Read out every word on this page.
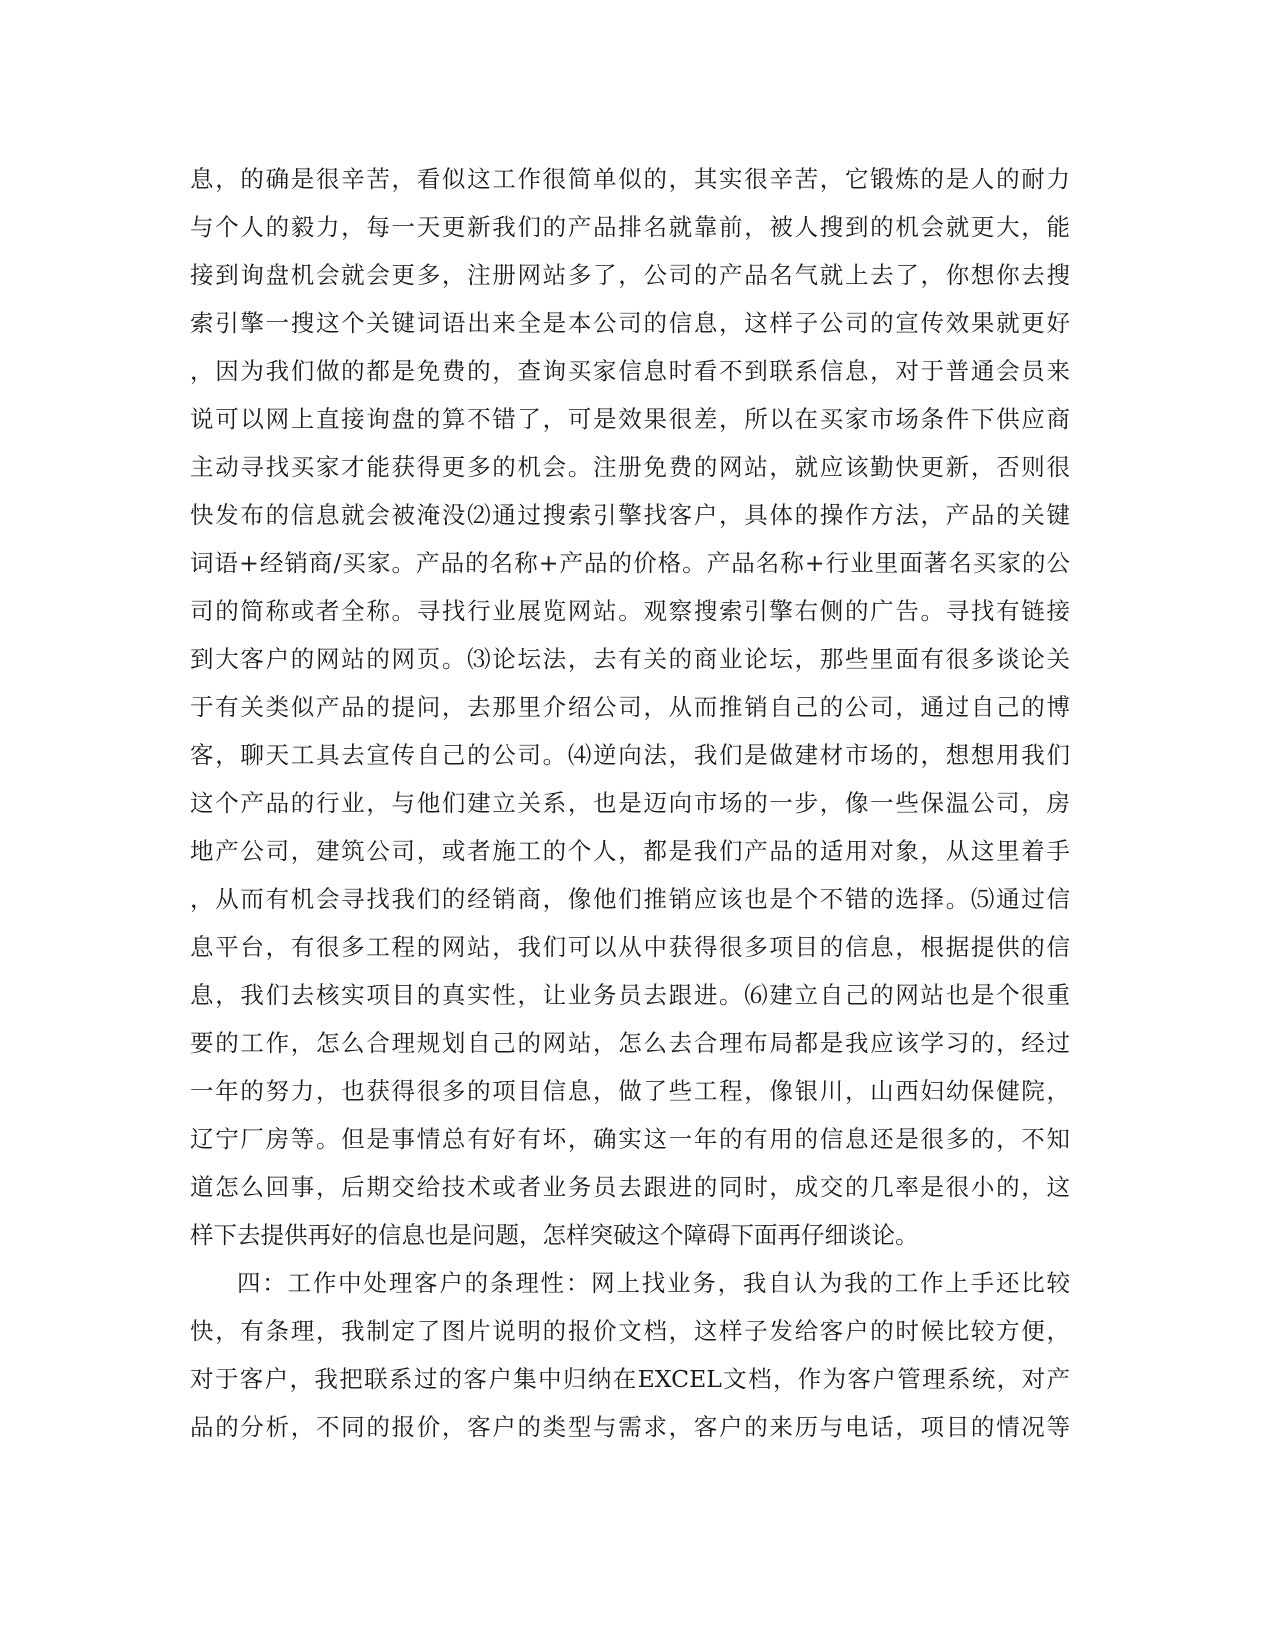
息，的确是很辛苦，看似这工作很简单似的，其实很辛苦，它锻炼的是人的耐力
与个人的毅力，每一天更新我们的产品排名就靠前，被人搜到的机会就更大，能
接到询盘机会就会更多，注册网站多了，公司的产品名气就上去了，你想你去搜
索引擎一搜这个关键词语出来全是本公司的信息，这样子公司的宣传效果就更好
，因为我们做的都是免费的，查询买家信息时看不到联系信息，对于普通会员来
说可以网上直接询盘的算不错了，可是效果很差，所以在买家市场条件下供应商
主动寻找买家才能获得更多的机会。注册免费的网站，就应该勤快更新，否则很
快发布的信息就会被淹没⑵通过搜索引擎找客户，具体的操作方法，产品的关键
词语+经销商/买家。产品的名称+产品的价格。产品名称+行业里面著名买家的公
司的简称或者全称。寻找行业展览网站。观察搜索引擎右侧的广告。寻找有链接
到大客户的网站的网页。⑶论坛法，去有关的商业论坛，那些里面有很多谈论关
于有关类似产品的提问，去那里介绍公司，从而推销自己的公司，通过自己的博
客，聊天工具去宣传自己的公司。⑷逆向法，我们是做建材市场的，想想用我们
这个产品的行业，与他们建立关系，也是迈向市场的一步，像一些保温公司，房
地产公司，建筑公司，或者施工的个人，都是我们产品的适用对象，从这里着手
，从而有机会寻找我们的经销商，像他们推销应该也是个不错的选择。⑸通过信
息平台，有很多工程的网站，我们可以从中获得很多项目的信息，根据提供的信
息，我们去核实项目的真实性，让业务员去跟进。⑹建立自己的网站也是个很重
要的工作，怎么合理规划自己的网站，怎么去合理布局都是我应该学习的，经过
一年的努力，也获得很多的项目信息，做了些工程，像银川，山西妇幼保健院，
辽宁厂房等。但是事情总有好有坏，确实这一年的有用的信息还是很多的，不知
道怎么回事，后期交给技术或者业务员去跟进的同时，成交的几率是很小的，这
样下去提供再好的信息也是问题，怎样突破这个障碍下面再仔细谈论。
四：工作中处理客户的条理性：网上找业务，我自认为我的工作上手还比较
快，有条理，我制定了图片说明的报价文档，这样子发给客户的时候比较方便，
对于客户，我把联系过的客户集中归纳在EXCEL文档，作为客户管理系统，对产
品的分析，不同的报价，客户的类型与需求，客户的来历与电话，项目的情况等
